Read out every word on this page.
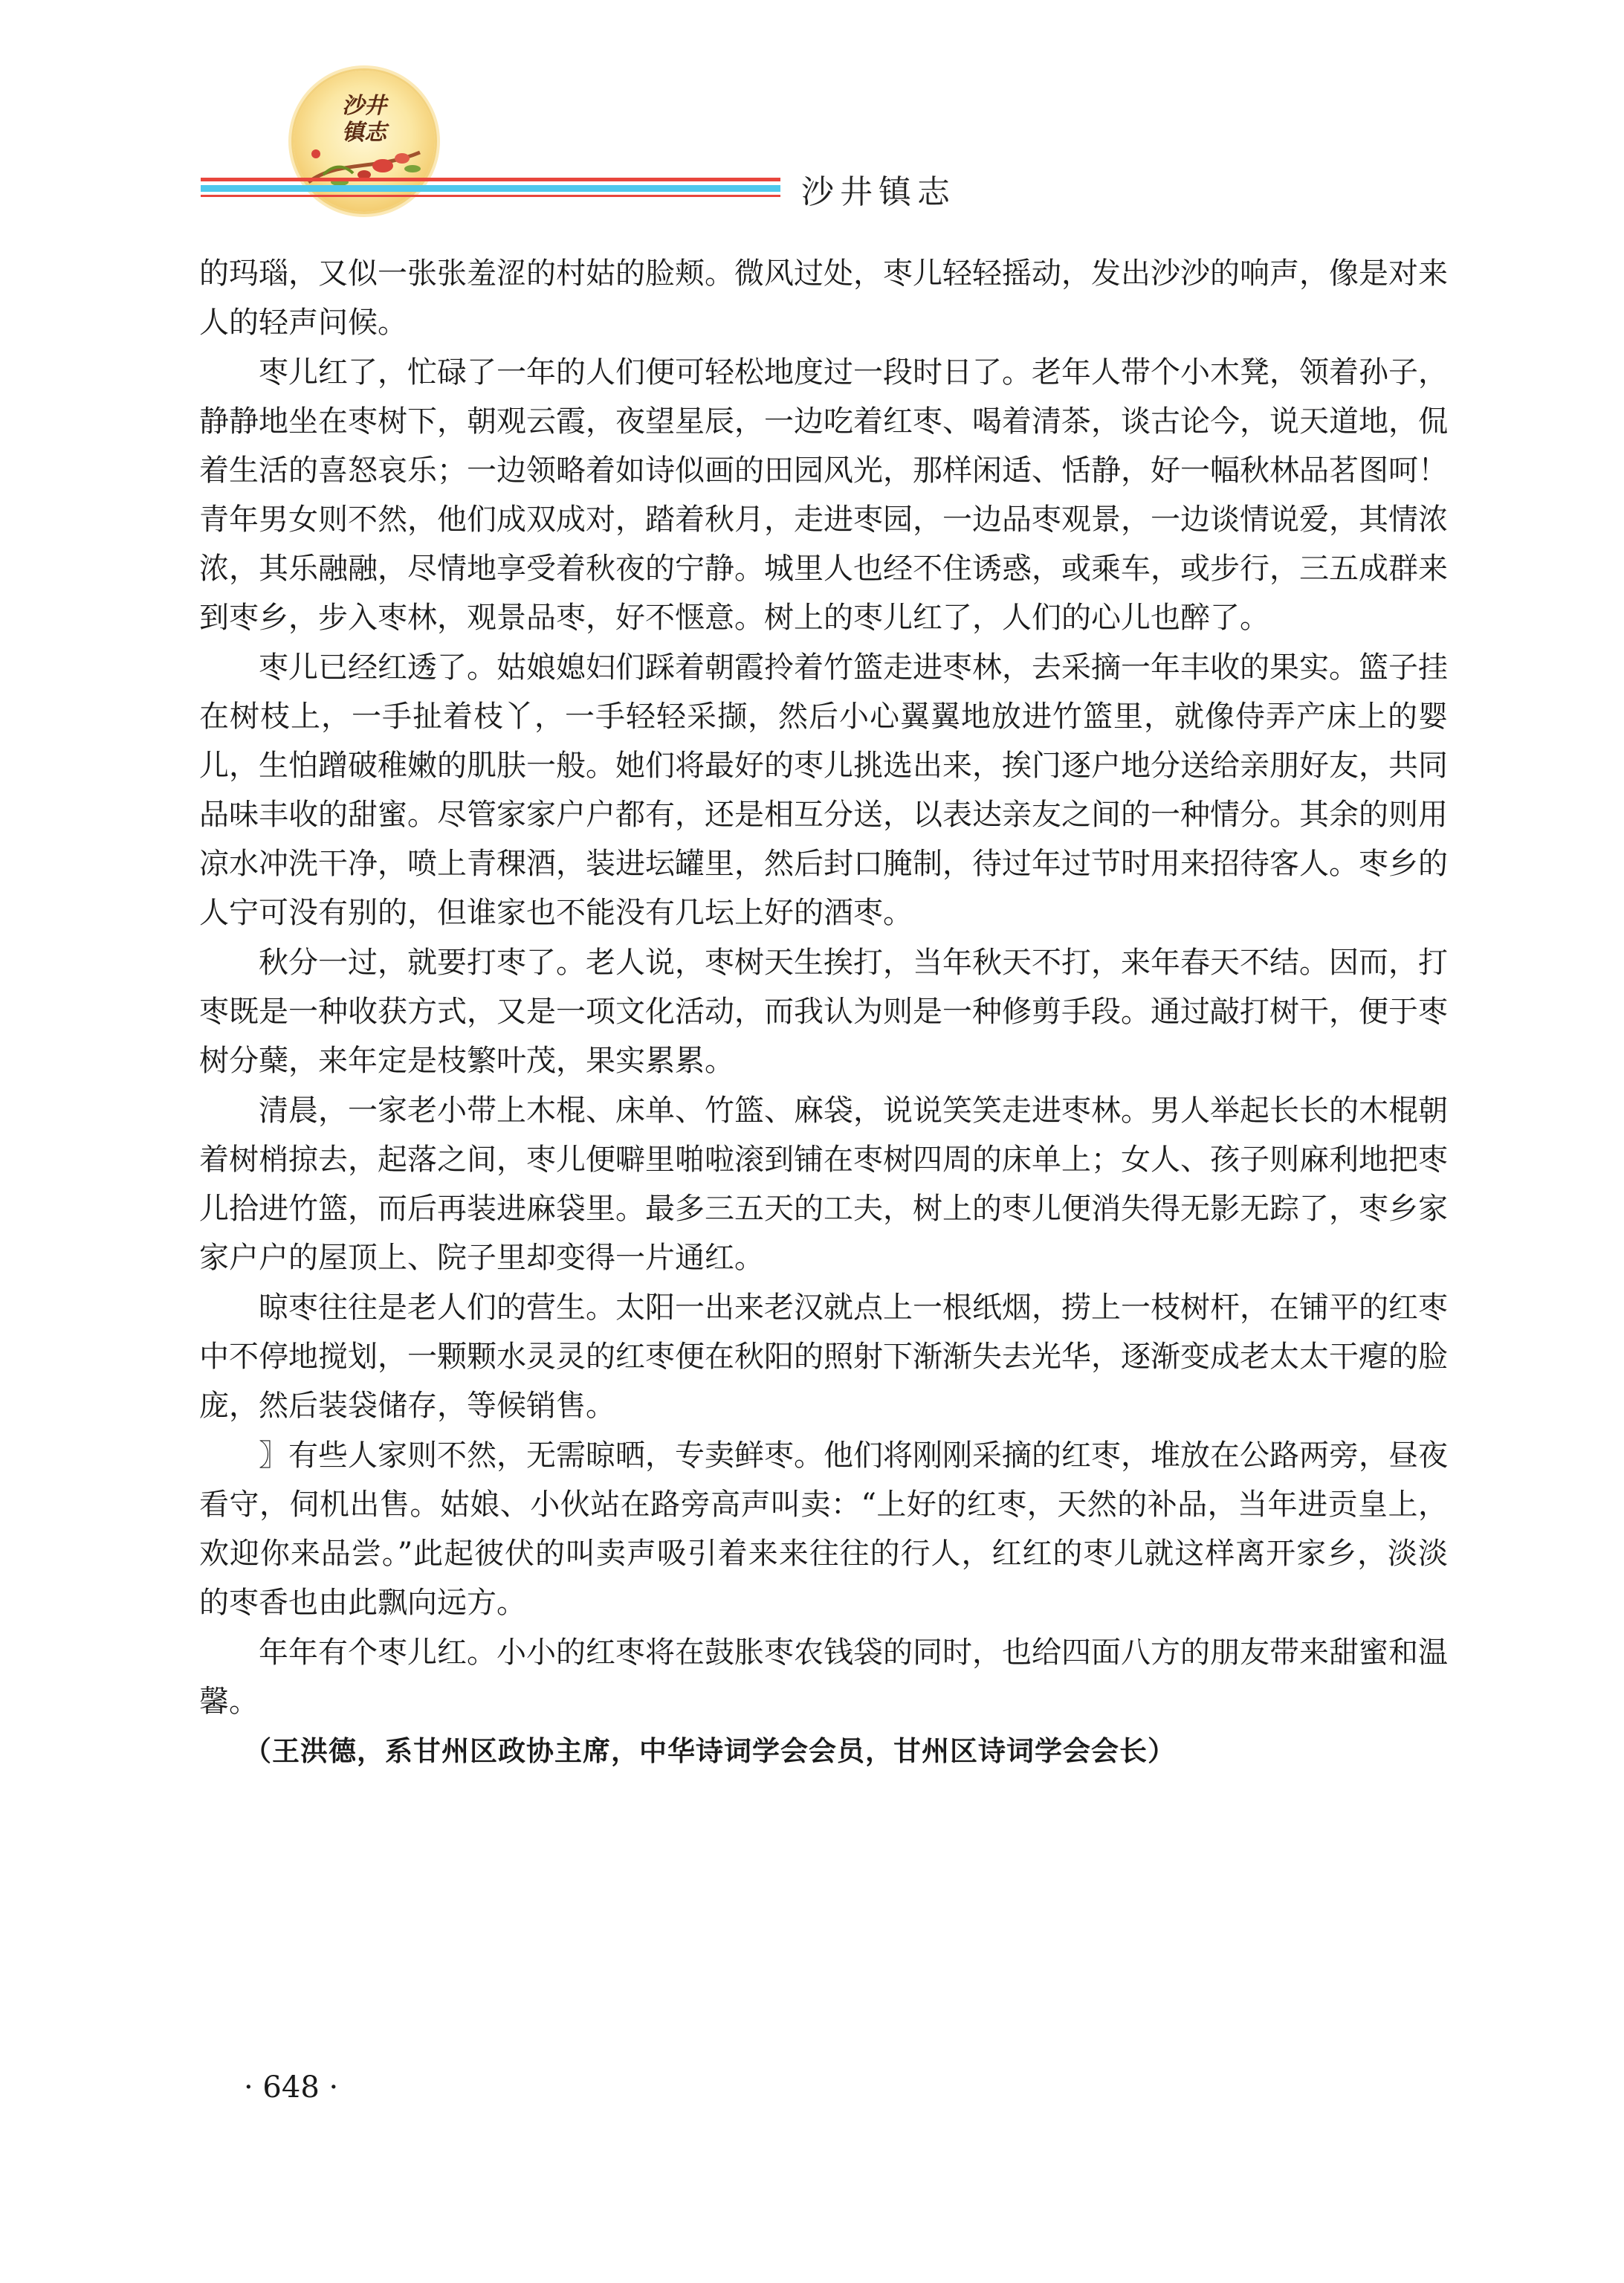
沙井
镇志
沙井镇志

的玛瑙，又似一张张羞涩的村姑的脸颊。微风过处，枣儿轻轻摇动，发出沙沙的响声，像是对来人的轻声问候。

枣儿红了，忙碌了一年的人们便可轻松地度过一段时日了。老年人带个小木凳，领着孙子，静静地坐在枣树下，朝观云霞，夜望星辰，一边吃着红枣、喝着清茶，谈古论今，说天道地，侃着生活的喜怒哀乐；一边领略着如诗似画的田园风光，那样闲适、恬静，好一幅秋林品茗图呵！青年男女则不然，他们成双成对，踏着秋月，走进枣园，一边品枣观景，一边谈情说爱，其情浓浓，其乐融融，尽情地享受着秋夜的宁静。城里人也经不住诱惑，或乘车，或步行，三五成群来到枣乡，步入枣林，观景品枣，好不惬意。树上的枣儿红了，人们的心儿也醉了。

枣儿已经红透了。姑娘媳妇们踩着朝霞拎着竹篮走进枣林，去采摘一年丰收的果实。篮子挂在树枝上，一手扯着枝丫，一手轻轻采撷，然后小心翼翼地放进竹篮里，就像侍弄产床上的婴儿，生怕蹭破稚嫩的肌肤一般。她们将最好的枣儿挑选出来，挨门逐户地分送给亲朋好友，共同品味丰收的甜蜜。尽管家家户户都有，还是相互分送，以表达亲友之间的一种情分。其余的则用凉水冲洗干净，喷上青稞酒，装进坛罐里，然后封口腌制，待过年过节时用来招待客人。枣乡的人宁可没有别的，但谁家也不能没有几坛上好的酒枣。

秋分一过，就要打枣了。老人说，枣树天生挨打，当年秋天不打，来年春天不结。因而，打枣既是一种收获方式，又是一项文化活动，而我认为则是一种修剪手段。通过敲打树干，便于枣树分蘖，来年定是枝繁叶茂，果实累累。

清晨，一家老小带上木棍、床单、竹篮、麻袋，说说笑笑走进枣林。男人举起长长的木棍朝着树梢掠去，起落之间，枣儿便噼里啪啦滚到铺在枣树四周的床单上；女人、孩子则麻利地把枣儿拾进竹篮，而后再装进麻袋里。最多三五天的工夫，树上的枣儿便消失得无影无踪了，枣乡家家户户的屋顶上、院子里却变得一片通红。

晾枣往往是老人们的营生。太阳一出来老汉就点上一根纸烟，捞上一枝树杆，在铺平的红枣中不停地搅划，一颗颗水灵灵的红枣便在秋阳的照射下渐渐失去光华，逐渐变成老太太干瘪的脸庞，然后装袋储存，等候销售。

〗有些人家则不然，无需晾晒，专卖鲜枣。他们将刚刚采摘的红枣，堆放在公路两旁，昼夜看守，伺机出售。姑娘、小伙站在路旁高声叫卖：“上好的红枣，天然的补品，当年进贡皇上，欢迎你来品尝。”此起彼伏的叫卖声吸引着来来往往的行人，红红的枣儿就这样离开家乡，淡淡的枣香也由此飘向远方。

年年有个枣儿红。小小的红枣将在鼓胀枣农钱袋的同时，也给四面八方的朋友带来甜蜜和温馨。

（王洪德，系甘州区政协主席，中华诗词学会会员，甘州区诗词学会会长）

· 648 ·
